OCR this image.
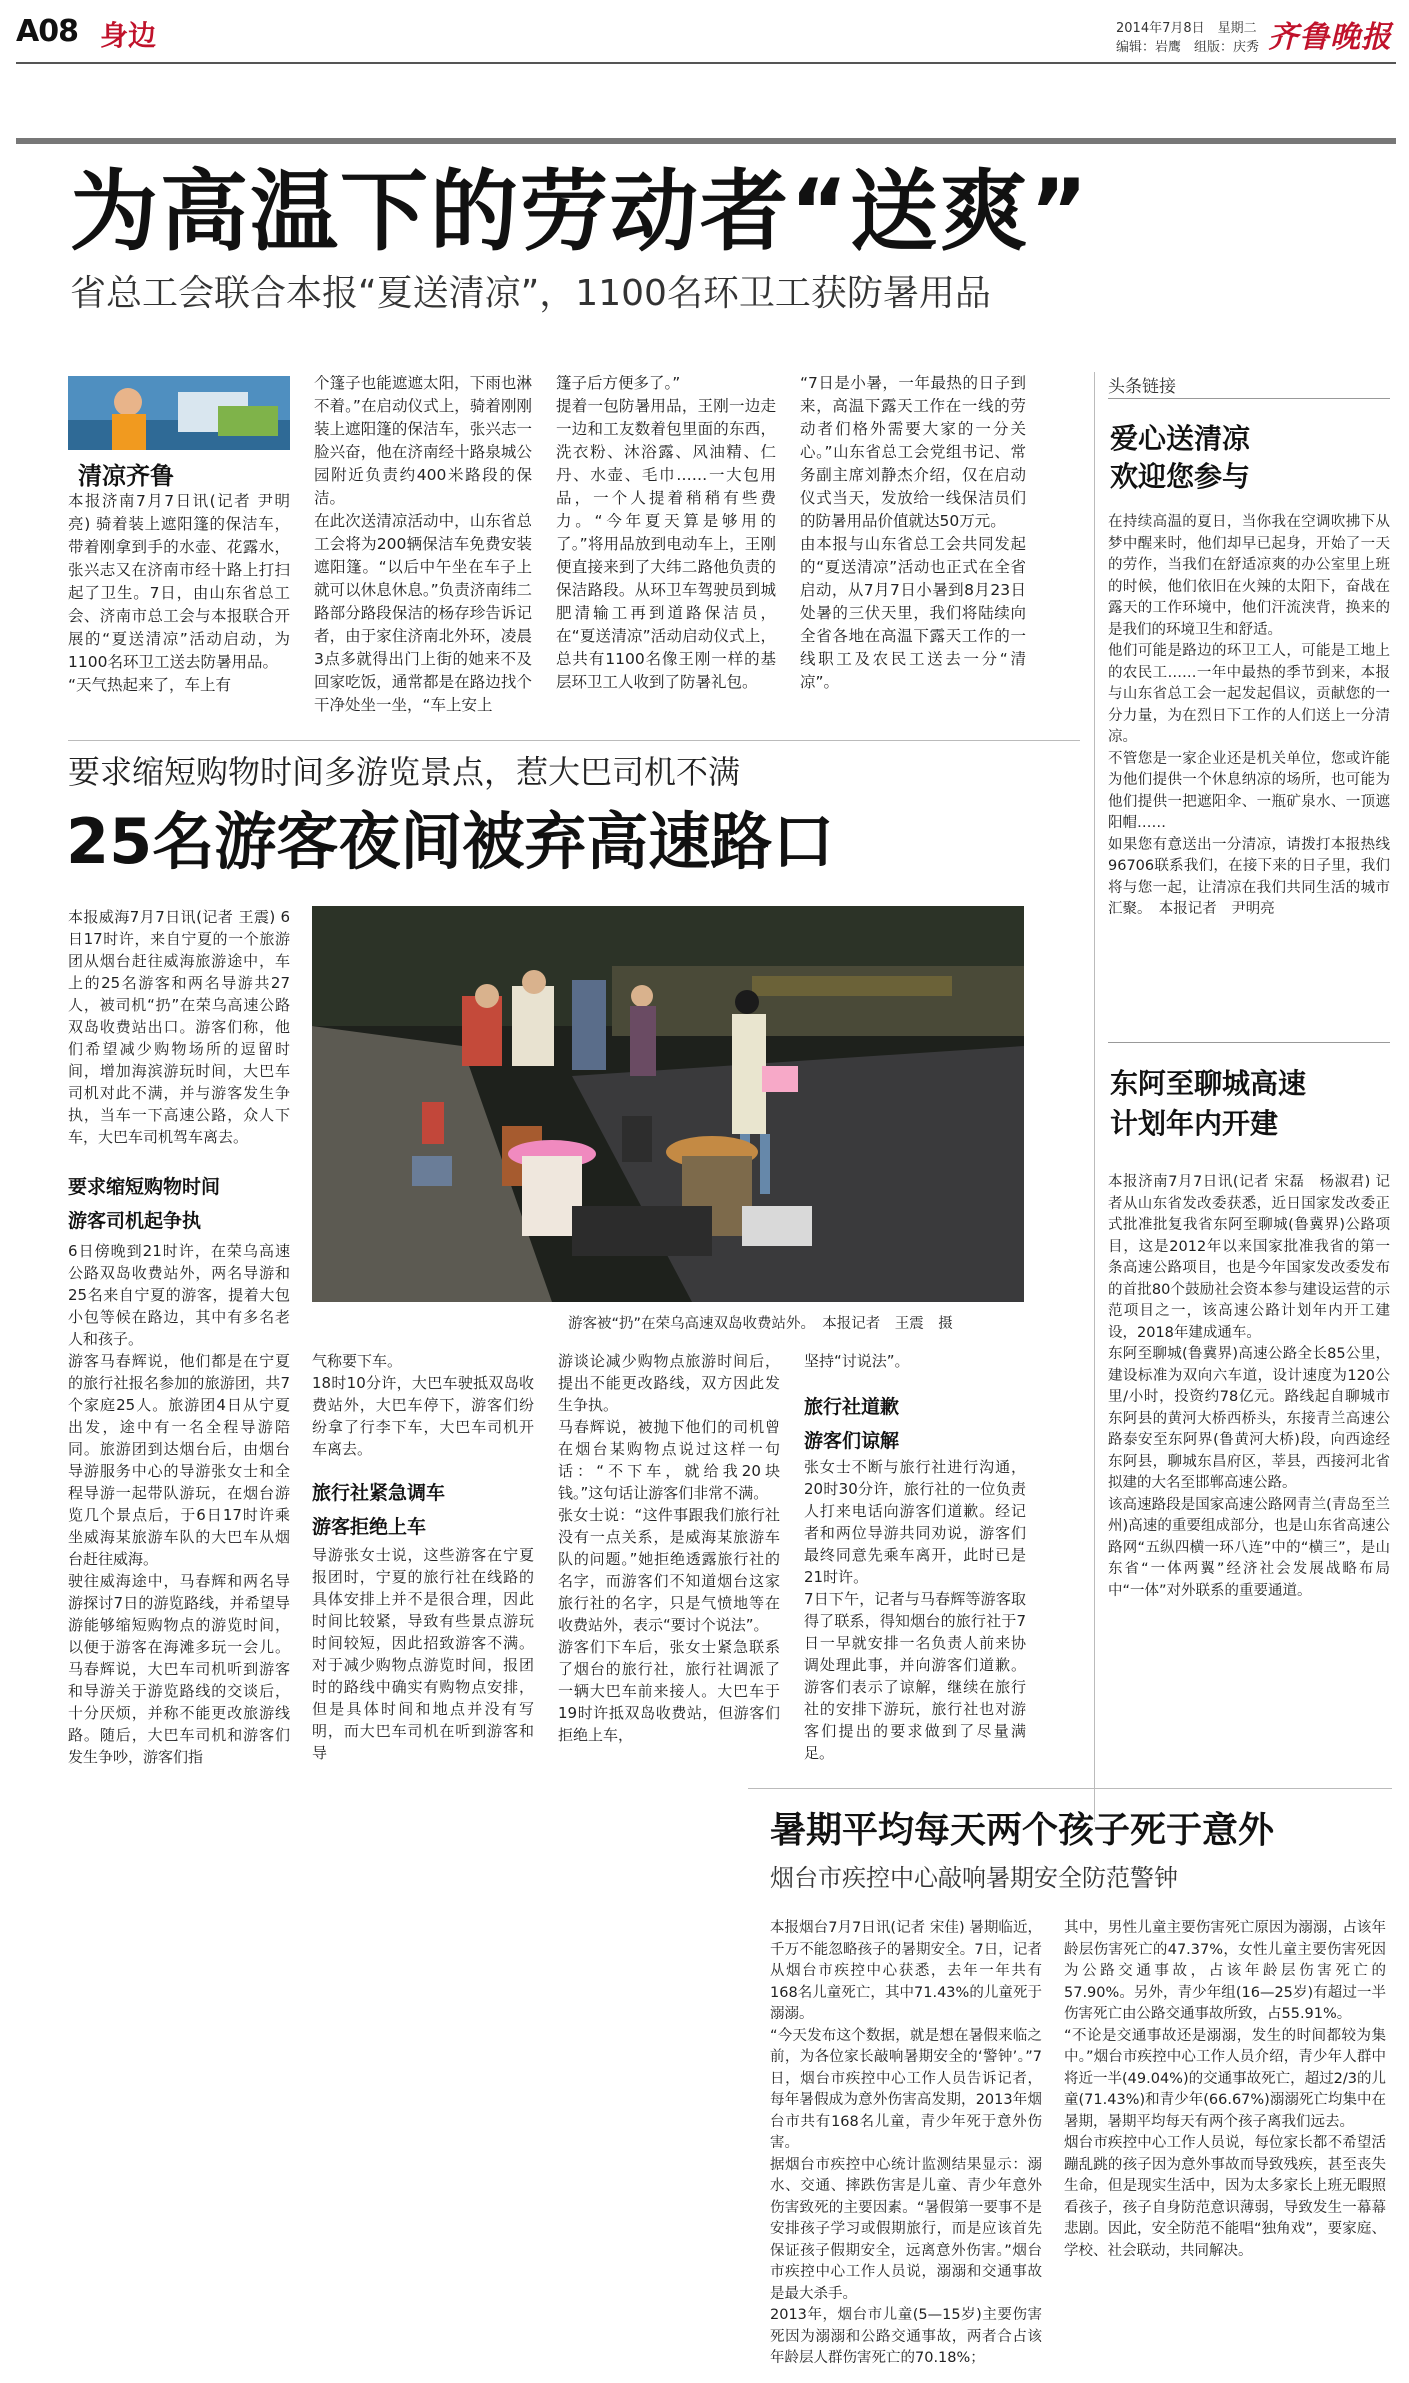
A08 身边	2014年7月8日　星期二
编辑：岩鹰　组版：庆秀 齐鲁晚报
为高温下的劳动者“送爽”
省总工会联合本报“夏送清凉”，1100名环卫工获防暑用品
清凉齐鲁
本报济南7月7日讯(记者 尹明亮) 骑着装上遮阳篷的保洁车，带着刚拿到手的水壶、花露水，张兴志又在济南市经十路上打扫起了卫生。7日，由山东省总工会、济南市总工会与本报联合开展的“夏送清凉”活动启动，为1100名环卫工送去防暑用品。
“天气热起来了，车上有
个篷子也能遮遮太阳，下雨也淋不着。”在启动仪式上，骑着刚刚装上遮阳篷的保洁车，张兴志一脸兴奋，他在济南经十路泉城公园附近负责约400米路段的保洁。
在此次送清凉活动中，山东省总工会将为200辆保洁车免费安装遮阳篷。“以后中午坐在车子上就可以休息休息。”负责济南纬二路部分路段保洁的杨存珍告诉记者，由于家住济南北外环，凌晨3点多就得出门上街的她来不及回家吃饭，通常都是在路边找个干净处坐一坐，“车上安上
篷子后方便多了。”
提着一包防暑用品，王刚一边走一边和工友数着包里面的东西，洗衣粉、沐浴露、风油精、仁丹、水壶、毛巾……一大包用品，一个人提着稍稍有些费力。“今年夏天算是够用的了。”将用品放到电动车上，王刚便直接来到了大纬二路他负责的保洁路段。从环卫车驾驶员到城肥清输工再到道路保洁员，在“夏送清凉”活动启动仪式上，总共有1100名像王刚一样的基层环卫工人收到了防暑礼包。
“7日是小暑，一年最热的日子到来，高温下露天工作在一线的劳动者们格外需要大家的一分关心。”山东省总工会党组书记、常务副主席刘静杰介绍，仅在启动仪式当天，发放给一线保洁员们的防暑用品价值就达50万元。
由本报与山东省总工会共同发起的“夏送清凉”活动也正式在全省启动，从7月7日小暑到8月23日处暑的三伏天里，我们将陆续向全省各地在高温下露天工作的一线职工及农民工送去一分“清凉”。
头条链接
爱心送清凉
欢迎您参与
在持续高温的夏日，当你我在空调吹拂下从梦中醒来时，他们却早已起身，开始了一天的劳作，当我们在舒适凉爽的办公室里上班的时候，他们依旧在火辣的太阳下，奋战在露天的工作环境中，他们汗流浃背，换来的是我们的环境卫生和舒适。
他们可能是路边的环卫工人，可能是工地上的农民工……一年中最热的季节到来，本报与山东省总工会一起发起倡议，贡献您的一分力量，为在烈日下工作的人们送上一分清凉。
不管您是一家企业还是机关单位，您或许能为他们提供一个休息纳凉的场所，也可能为他们提供一把遮阳伞、一瓶矿泉水、一顶遮阳帽……
如果您有意送出一分清凉，请拨打本报热线96706联系我们，在接下来的日子里，我们将与您一起，让清凉在我们共同生活的城市汇聚。　本报记者　尹明亮
东阿至聊城高速
计划年内开建
本报济南7月7日讯(记者 宋磊　杨淑君) 记者从山东省发改委获悉，近日国家发改委正式批准批复我省东阿至聊城(鲁冀界)公路项目，这是2012年以来国家批准我省的第一条高速公路项目，也是今年国家发改委发布的首批80个鼓励社会资本参与建设运营的示范项目之一，该高速公路计划年内开工建设，2018年建成通车。
东阿至聊城(鲁冀界)高速公路全长85公里，建设标准为双向六车道，设计速度为120公里/小时，投资约78亿元。路线起自聊城市东阿县的黄河大桥西桥头，东接青兰高速公路泰安至东阿界(鲁黄河大桥)段，向西途经东阿县，聊城东昌府区，莘县，西接河北省拟建的大名至邯郸高速公路。
该高速路段是国家高速公路网青兰(青岛至兰州)高速的重要组成部分，也是山东省高速公路网“五纵四横一环八连”中的“横三”，是山东省“一体两翼”经济社会发展战略布局中“一体”对外联系的重要通道。
要求缩短购物时间多游览景点，惹大巴司机不满
25名游客夜间被弃高速路口
游客被“扔”在荣乌高速双岛收费站外。　本报记者　王震　摄
本报威海7月7日讯(记者 王震) 6日17时许，来自宁夏的一个旅游团从烟台赶往威海旅游途中，车上的25名游客和两名导游共27人，被司机“扔”在荣乌高速公路双岛收费站出口。游客们称，他们希望减少购物场所的逗留时间，增加海滨游玩时间，大巴车司机对此不满，并与游客发生争执，当车一下高速公路，众人下车，大巴车司机驾车离去。
要求缩短购物时间
游客司机起争执
6日傍晚到21时许，在荣乌高速公路双岛收费站外，两名导游和25名来自宁夏的游客，提着大包小包等候在路边，其中有多名老人和孩子。
游客马春辉说，他们都是在宁夏的旅行社报名参加的旅游团，共7个家庭25人。旅游团4日从宁夏出发，途中有一名全程导游陪同。旅游团到达烟台后，由烟台导游服务中心的导游张女士和全程导游一起带队游玩，在烟台游览几个景点后，于6日17时许乘坐威海某旅游车队的大巴车从烟台赶往威海。
驶往威海途中，马春辉和两名导游探讨7日的游览路线，并希望导游能够缩短购物点的游览时间，以便于游客在海滩多玩一会儿。马春辉说，大巴车司机听到游客和导游关于游览路线的交谈后，十分厌烦，并称不能更改旅游线路。随后，大巴车司机和游客们发生争吵，游客们指
气称要下车。
18时10分许，大巴车驶抵双岛收费站外，大巴车停下，游客们纷纷拿了行李下车，大巴车司机开车离去。
旅行社紧急调车
游客拒绝上车
导游张女士说，这些游客在宁夏报团时，宁夏的旅行社在线路的具体安排上并不是很合理，因此时间比较紧，导致有些景点游玩时间较短，因此招致游客不满。对于减少购物点游览时间，报团时的路线中确实有购物点安排，但是具体时间和地点并没有写明，而大巴车司机在听到游客和导
游谈论减少购物点旅游时间后，提出不能更改路线，双方因此发生争执。
马春辉说，被抛下他们的司机曾在烟台某购物点说过这样一句话：“不下车，就给我20块钱。”这句话让游客们非常不满。
张女士说：“这件事跟我们旅行社没有一点关系，是威海某旅游车队的问题。”她拒绝透露旅行社的名字，而游客们不知道烟台这家旅行社的名字，只是气愤地等在收费站外，表示“要讨个说法”。
游客们下车后，张女士紧急联系了烟台的旅行社，旅行社调派了一辆大巴车前来接人。大巴车于19时许抵双岛收费站，但游客们拒绝上车，
坚持“讨说法”。
旅行社道歉
游客们谅解
张女士不断与旅行社进行沟通，20时30分许，旅行社的一位负责人打来电话向游客们道歉。经记者和两位导游共同劝说，游客们最终同意先乘车离开，此时已是21时许。
7日下午，记者与马春辉等游客取得了联系，得知烟台的旅行社于7日一早就安排一名负责人前来协调处理此事，并向游客们道歉。游客们表示了谅解，继续在旅行社的安排下游玩，旅行社也对游客们提出的要求做到了尽量满足。
暑期平均每天两个孩子死于意外
烟台市疾控中心敲响暑期安全防范警钟
本报烟台7月7日讯(记者 宋佳) 暑期临近，千万不能忽略孩子的暑期安全。7日，记者从烟台市疾控中心获悉，去年一年共有168名儿童死亡，其中71.43%的儿童死于溺溺。
“今天发布这个数据，就是想在暑假来临之前，为各位家长敲响暑期安全的‘警钟’。”7日，烟台市疾控中心工作人员告诉记者，每年暑假成为意外伤害高发期，2013年烟台市共有168名儿童，青少年死于意外伤害。
据烟台市疾控中心统计监测结果显示：溺水、交通、摔跌伤害是儿童、青少年意外伤害致死的主要因素。“暑假第一要事不是安排孩子学习或假期旅行，而是应该首先保证孩子假期安全，远离意外伤害。”烟台市疾控中心工作人员说，溺溺和交通事故是最大杀手。
2013年，烟台市儿童(5—15岁)主要伤害死因为溺溺和公路交通事故，两者合占该年龄层人群伤害死亡的70.18%；
其中，男性儿童主要伤害死亡原因为溺溺，占该年龄层伤害死亡的47.37%，女性儿童主要伤害死因为公路交通事故，占该年龄层伤害死亡的57.90%。另外，青少年组(16—25岁)有超过一半伤害死亡由公路交通事故所致，占55.91%。
“不论是交通事故还是溺溺，发生的时间都较为集中。”烟台市疾控中心工作人员介绍，青少年人群中将近一半(49.04%)的交通事故死亡，超过2/3的儿童(71.43%)和青少年(66.67%)溺溺死亡均集中在暑期，暑期平均每天有两个孩子离我们远去。
烟台市疾控中心工作人员说，每位家长都不希望活蹦乱跳的孩子因为意外事故而导致残疾，甚至丧失生命，但是现实生活中，因为太多家长上班无暇照看孩子，孩子自身防范意识薄弱，导致发生一幕幕悲剧。因此，安全防范不能唱“独角戏”，要家庭、学校、社会联动，共同解决。
